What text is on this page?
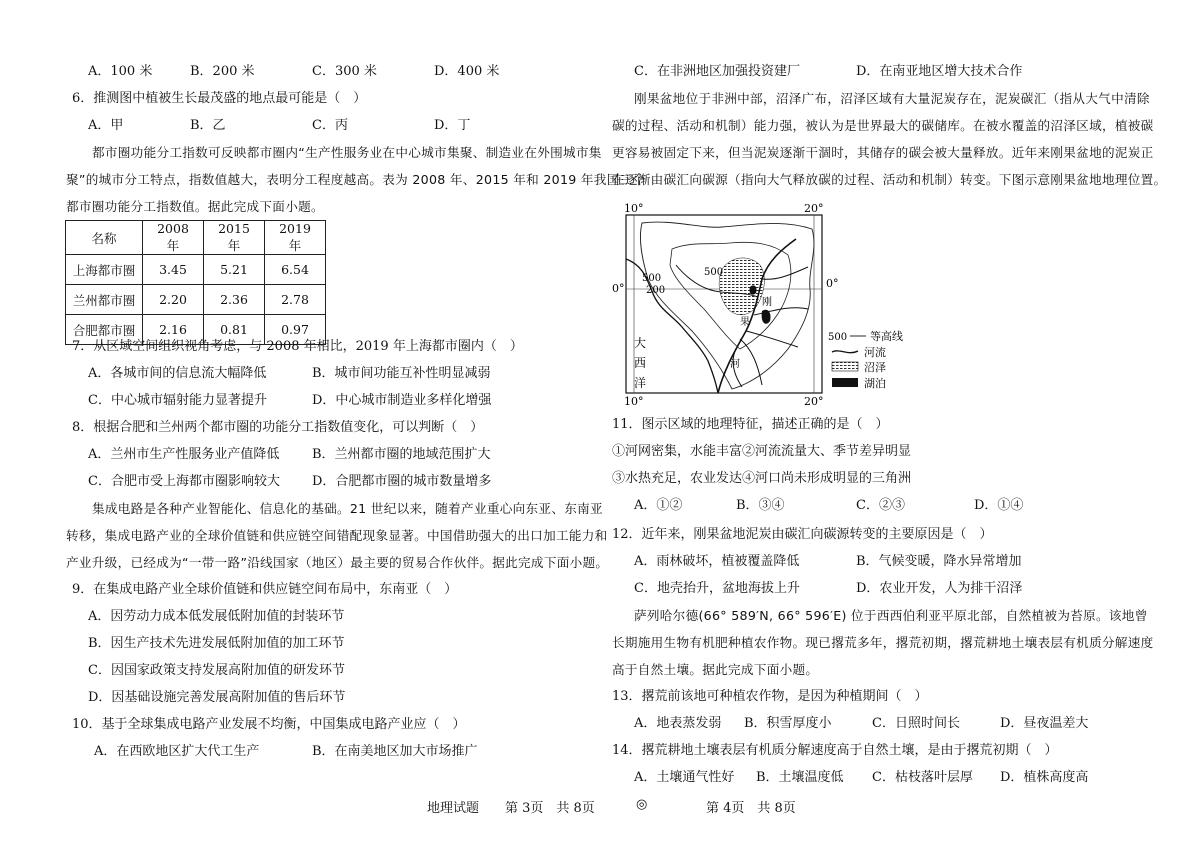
A．100 米	B．200 米	C．300 米	D．400 米
6．推测图中植被生长最茂盛的地点最可能是（　）
A．甲	B．乙	C．丙	D．丁
都市圈功能分工指数可反映都市圈内“生产性服务业在中心城市集聚、制造业在外围城市集
聚”的城市分工特点，指数值越大，表明分工程度越高。表为 2008 年、2015 年和 2019 年我国三个
都市圈功能分工指数值。据此完成下面小题。
名称	2008 年	2015 年	2019 年
上海都市圈	3.45	5.21	6.54
兰州都市圈	2.20	2.36	2.78
合肥都市圈	2.16	0.81	0.97
7．从区域空间组织视角考虑，与 2008 年相比，2019 年上海都市圈内（　）
A．各城市间的信息流大幅降低	B．城市间功能互补性明显减弱
C．中心城市辐射能力显著提升	D．中心城市制造业多样化增强
8．根据合肥和兰州两个都市圈的功能分工指数值变化，可以判断（　）
A．兰州市生产性服务业产值降低	B．兰州都市圈的地域范围扩大
C．合肥市受上海都市圈影响较大 D．合肥都市圈的城市数量增多
集成电路是各种产业智能化、信息化的基础。21 世纪以来，随着产业重心向东亚、东南亚
转移，集成电路产业的全球价值链和供应链空间错配现象显著。中国借助强大的出口加工能力和
产业升级，已经成为“一带一路”沿线国家（地区）最主要的贸易合作伙伴。据此完成下面小题。
9．在集成电路产业全球价值链和供应链空间布局中，东南亚（　）
A．因劳动力成本低发展低附加值的封装环节
B．因生产技术先进发展低附加值的加工环节
C．因国家政策支持发展高附加值的研发环节
D．因基础设施完善发展高附加值的售后环节
10．基于全球集成电路产业发展不均衡，中国集成电路产业应（　）
A．在西欧地区扩大代工生产	B．在南美地区加大市场推广
C．在非洲地区加强投资建厂	D．在南亚地区增大技术合作
刚果盆地位于非洲中部，沼泽广布，沼泽区域有大量泥炭存在，泥炭碳汇（指从大气中清除
碳的过程、活动和机制）能力强，被认为是世界最大的碳储库。在被水覆盖的沼泽区域，植被碳
更容易被固定下来，但当泥炭逐渐干涸时，其储存的碳会被大量释放。近年来刚果盆地的泥炭正
在逐渐由碳汇向碳源（指向大气释放碳的过程、活动和机制）转变。下图示意刚果盆地地理位置。
10°	20°
10°	20°
0°	0°
500
500
200
刚
果
河
大
西
洋
500 等高线
河流
沼泽
湖泊
11．图示区域的地理特征，描述正确的是（　）
①河网密集，水能丰富②河流流量大、季节差异明显
③水热充足，农业发达④河口尚未形成明显的三角洲
A．①②	B．③④	C．②③	D．①④
12．近年来，刚果盆地泥炭由碳汇向碳源转变的主要原因是（　）
A．雨林破坏，植被覆盖降低	B．气候变暖，降水异常增加
C．地壳抬升，盆地海拔上升	D．农业开发，人为排干沼泽
萨列哈尔德(66° 589′N, 66° 596′E) 位于西西伯利亚平原北部，自然植被为苔原。该地曾
长期施用生物有机肥种植农作物。现已撂荒多年，撂荒初期，撂荒耕地土壤表层有机质分解速度
高于自然土壤。据此完成下面小题。
13．撂荒前该地可种植农作物，是因为种植期间（　）
A．地表蒸发弱 B．积雪厚度小	C．日照时间长	D．昼夜温差大
14．撂荒耕地土壤表层有机质分解速度高于自然土壤，是由于撂荒初期（　）
A．土壤通气性好 B．土壤温度低 C．枯枝落叶层厚 D．植株高度高
地理试题　　第 3页　共 8页	◎	第 4页　共 8页
